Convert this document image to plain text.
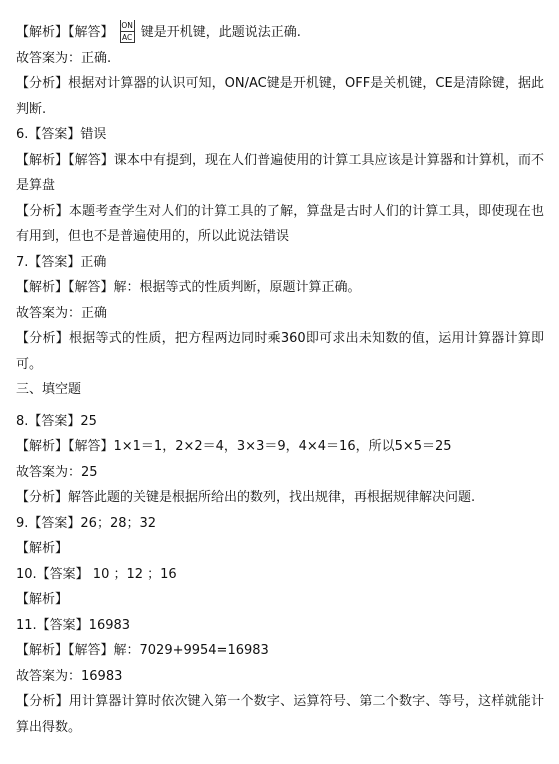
【解析】【解答】 $\frac{ON}{AC}$ 键是开机键，此题说法正确.
故答案为：正确.
【分析】根据对计算器的认识可知，ON/AC键是开机键，OFF是关机键，CE是清除键，据此判断.
6.【答案】错误
【解析】【解答】课本中有提到，现在人们普遍使用的计算工具应该是计算器和计算机，而不是算盘
【分析】本题考查学生对人们的计算工具的了解，算盘是古时人们的计算工具，即使现在也有用到，但也不是普遍使用的，所以此说法错误
7.【答案】正确
【解析】【解答】解：根据等式的性质判断，原题计算正确。
故答案为：正确
【分析】根据等式的性质，把方程两边同时乘360即可求出未知数的值，运用计算器计算即可。
三、填空题
8.【答案】25
【解析】【解答】1×1＝1，2×2＝4，3×3＝9，4×4＝16，所以5×5＝25
故答案为：25
【分析】解答此题的关键是根据所给出的数列，找出规律，再根据规律解决问题.
9.【答案】26；28；32
【解析】
10.【答案】 10 ；12 ；16
【解析】
11.【答案】16983
【解析】【解答】解：7029+9954=16983
故答案为：16983
【分析】用计算器计算时依次键入第一个数字、运算符号、第二个数字、等号，这样就能计算出得数。
